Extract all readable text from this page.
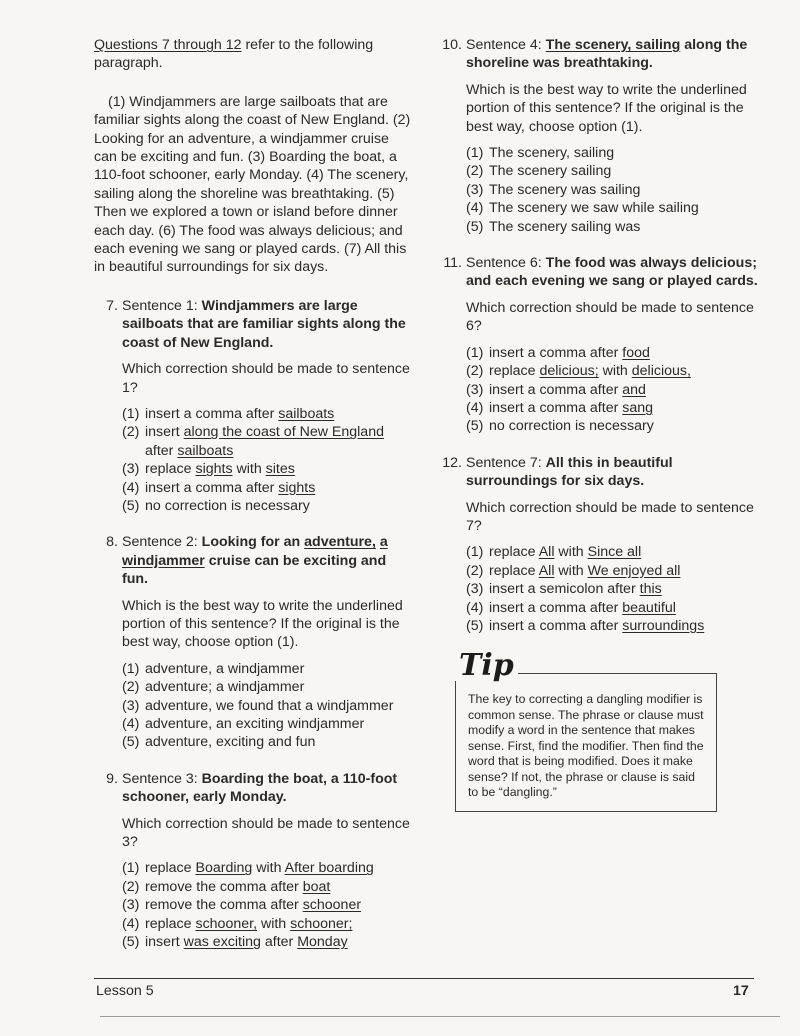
Questions 7 through 12 refer to the following paragraph.

(1) Windjammers are large sailboats that are familiar sights along the coast of New England. (2) Looking for an adventure, a windjammer cruise can be exciting and fun. (3) Boarding the boat, a 110-foot schooner, early Monday. (4) The scenery, sailing along the shoreline was breathtaking. (5) Then we explored a town or island before dinner each day. (6) The food was always delicious; and each evening we sang or played cards. (7) All this in beautiful surroundings for six days.

7. Sentence 1: Windjammers are large sailboats that are familiar sights along the coast of New England.
Which correction should be made to sentence 1?
(1) insert a comma after sailboats
(2) insert along the coast of New England
after sailboats
(3) replace sights with sites
(4) insert a comma after sights
(5) no correction is necessary
8. Sentence 2: Looking for an adventure, a windjammer cruise can be exciting and fun.
Which is the best way to write the underlined portion of this sentence? If the original is the best way, choose option (1).
(1) adventure, a windjammer
(2) adventure; a windjammer
(3) adventure, we found that a windjammer
(4) adventure, an exciting windjammer
(5) adventure, exciting and fun
9. Sentence 3: Boarding the boat, a 110-foot schooner, early Monday.
Which correction should be made to sentence 3?
(1) replace Boarding with After boarding
(2) remove the comma after boat
(3) remove the comma after schooner
(4) replace schooner, with schooner;
(5) insert was exciting after Monday
10. Sentence 4: The scenery, sailing along the shoreline was breathtaking.
Which is the best way to write the underlined portion of this sentence? If the original is the best way, choose option (1).
(1) The scenery, sailing
(2) The scenery sailing
(3) The scenery was sailing
(4) The scenery we saw while sailing
(5) The scenery sailing was
11. Sentence 6: The food was always delicious; and each evening we sang or played cards.
Which correction should be made to sentence 6?
(1) insert a comma after food
(2) replace delicious; with delicious,
(3) insert a comma after and
(4) insert a comma after sang
(5) no correction is necessary
12. Sentence 7: All this in beautiful surroundings for six days.
Which correction should be made to sentence 7?
(1) replace All with Since all
(2) replace All with We enjoyed all
(3) insert a semicolon after this
(4) insert a comma after beautiful
(5) insert a comma after surroundings
Tip
The key to correcting a dangling modifier is common sense. The phrase or clause must modify a word in the sentence that makes sense. First, find the modifier. Then find the word that is being modified. Does it make sense? If not, the phrase or clause is said to be “dangling.”
Lesson 5	17
